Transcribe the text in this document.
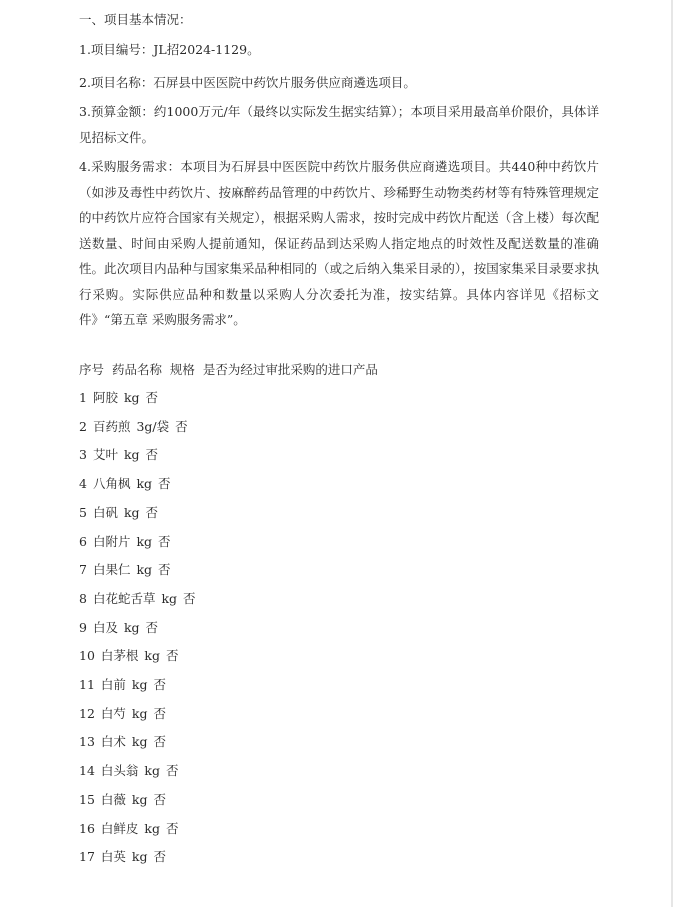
一、项目基本情况：
1.项目编号：JL招2024-1129。
2.项目名称：石屏县中医医院中药饮片服务供应商遴选项目。
3.预算金额：约1000万元/年（最终以实际发生据实结算）；本项目采用最高单价限价，具体详见招标文件。
4.采购服务需求：本项目为石屏县中医医院中药饮片服务供应商遴选项目。共440种中药饮片（如涉及毒性中药饮片、按麻醉药品管理的中药饮片、珍稀野生动物类药材等有特殊管理规定的中药饮片应符合国家有关规定），根据采购人需求，按时完成中药饮片配送（含上楼）每次配送数量、时间由采购人提前通知，保证药品到达采购人指定地点的时效性及配送数量的准确性。此次项目内品种与国家集采品种相同的（或之后纳入集采目录的），按国家集采目录要求执行采购。实际供应品种和数量以采购人分次委托为准，按实结算。具体内容详见《招标文件》“第五章 采购服务需求”。
序号  药品名称  规格  是否为经过审批采购的进口产品
1 阿胶 kg 否
2 百药煎 3g/袋 否
3 艾叶 kg 否
4 八角枫 kg 否
5 白矾 kg 否
6 白附片 kg 否
7 白果仁 kg 否
8 白花蛇舌草 kg 否
9 白及 kg 否
10 白茅根 kg 否
11 白前 kg 否
12 白芍 kg 否
13 白术 kg 否
14 白头翁 kg 否
15 白薇 kg 否
16 白鲜皮 kg 否
17 白英 kg 否
